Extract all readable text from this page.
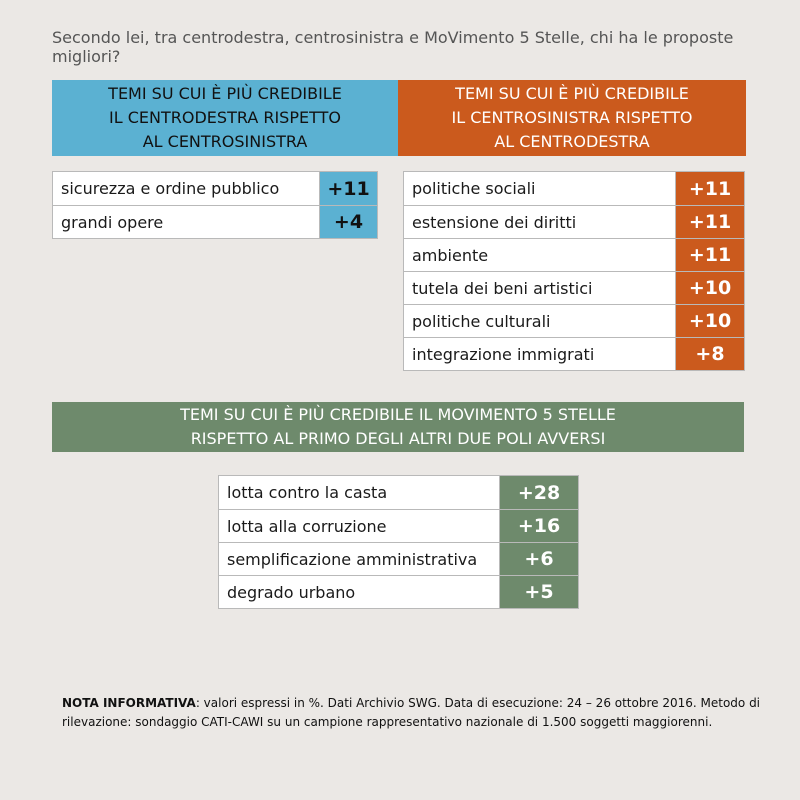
Secondo lei, tra centrodestra, centrosinistra e MoVimento 5 Stelle, chi ha le proposte migliori?
TEMI SU CUI È PIÙ CREDIBILE
IL CENTRODESTRA RISPETTO
AL CENTROSINISTRA
TEMI SU CUI È PIÙ CREDIBILE
IL CENTROSINISTRA RISPETTO
AL CENTRODESTRA
sicurezza e ordine pubblico	+11
grandi opere	+4
politiche sociali	+11
estensione dei diritti	+11
ambiente	+11
tutela dei beni artistici	+10
politiche culturali	+10
integrazione immigrati	+8
TEMI SU CUI È PIÙ CREDIBILE IL MOVIMENTO 5 STELLE
RISPETTO AL PRIMO DEGLI ALTRI DUE POLI AVVERSI
lotta contro la casta	+28
lotta alla corruzione	+16
semplificazione amministrativa	+6
degrado urbano	+5
NOTA INFORMATIVA: valori espressi in %. Dati Archivio SWG. Data di esecuzione: 24 – 26 ottobre 2016. Metodo di rilevazione: sondaggio CATI-CAWI su un campione rappresentativo nazionale di 1.500 soggetti maggiorenni.
